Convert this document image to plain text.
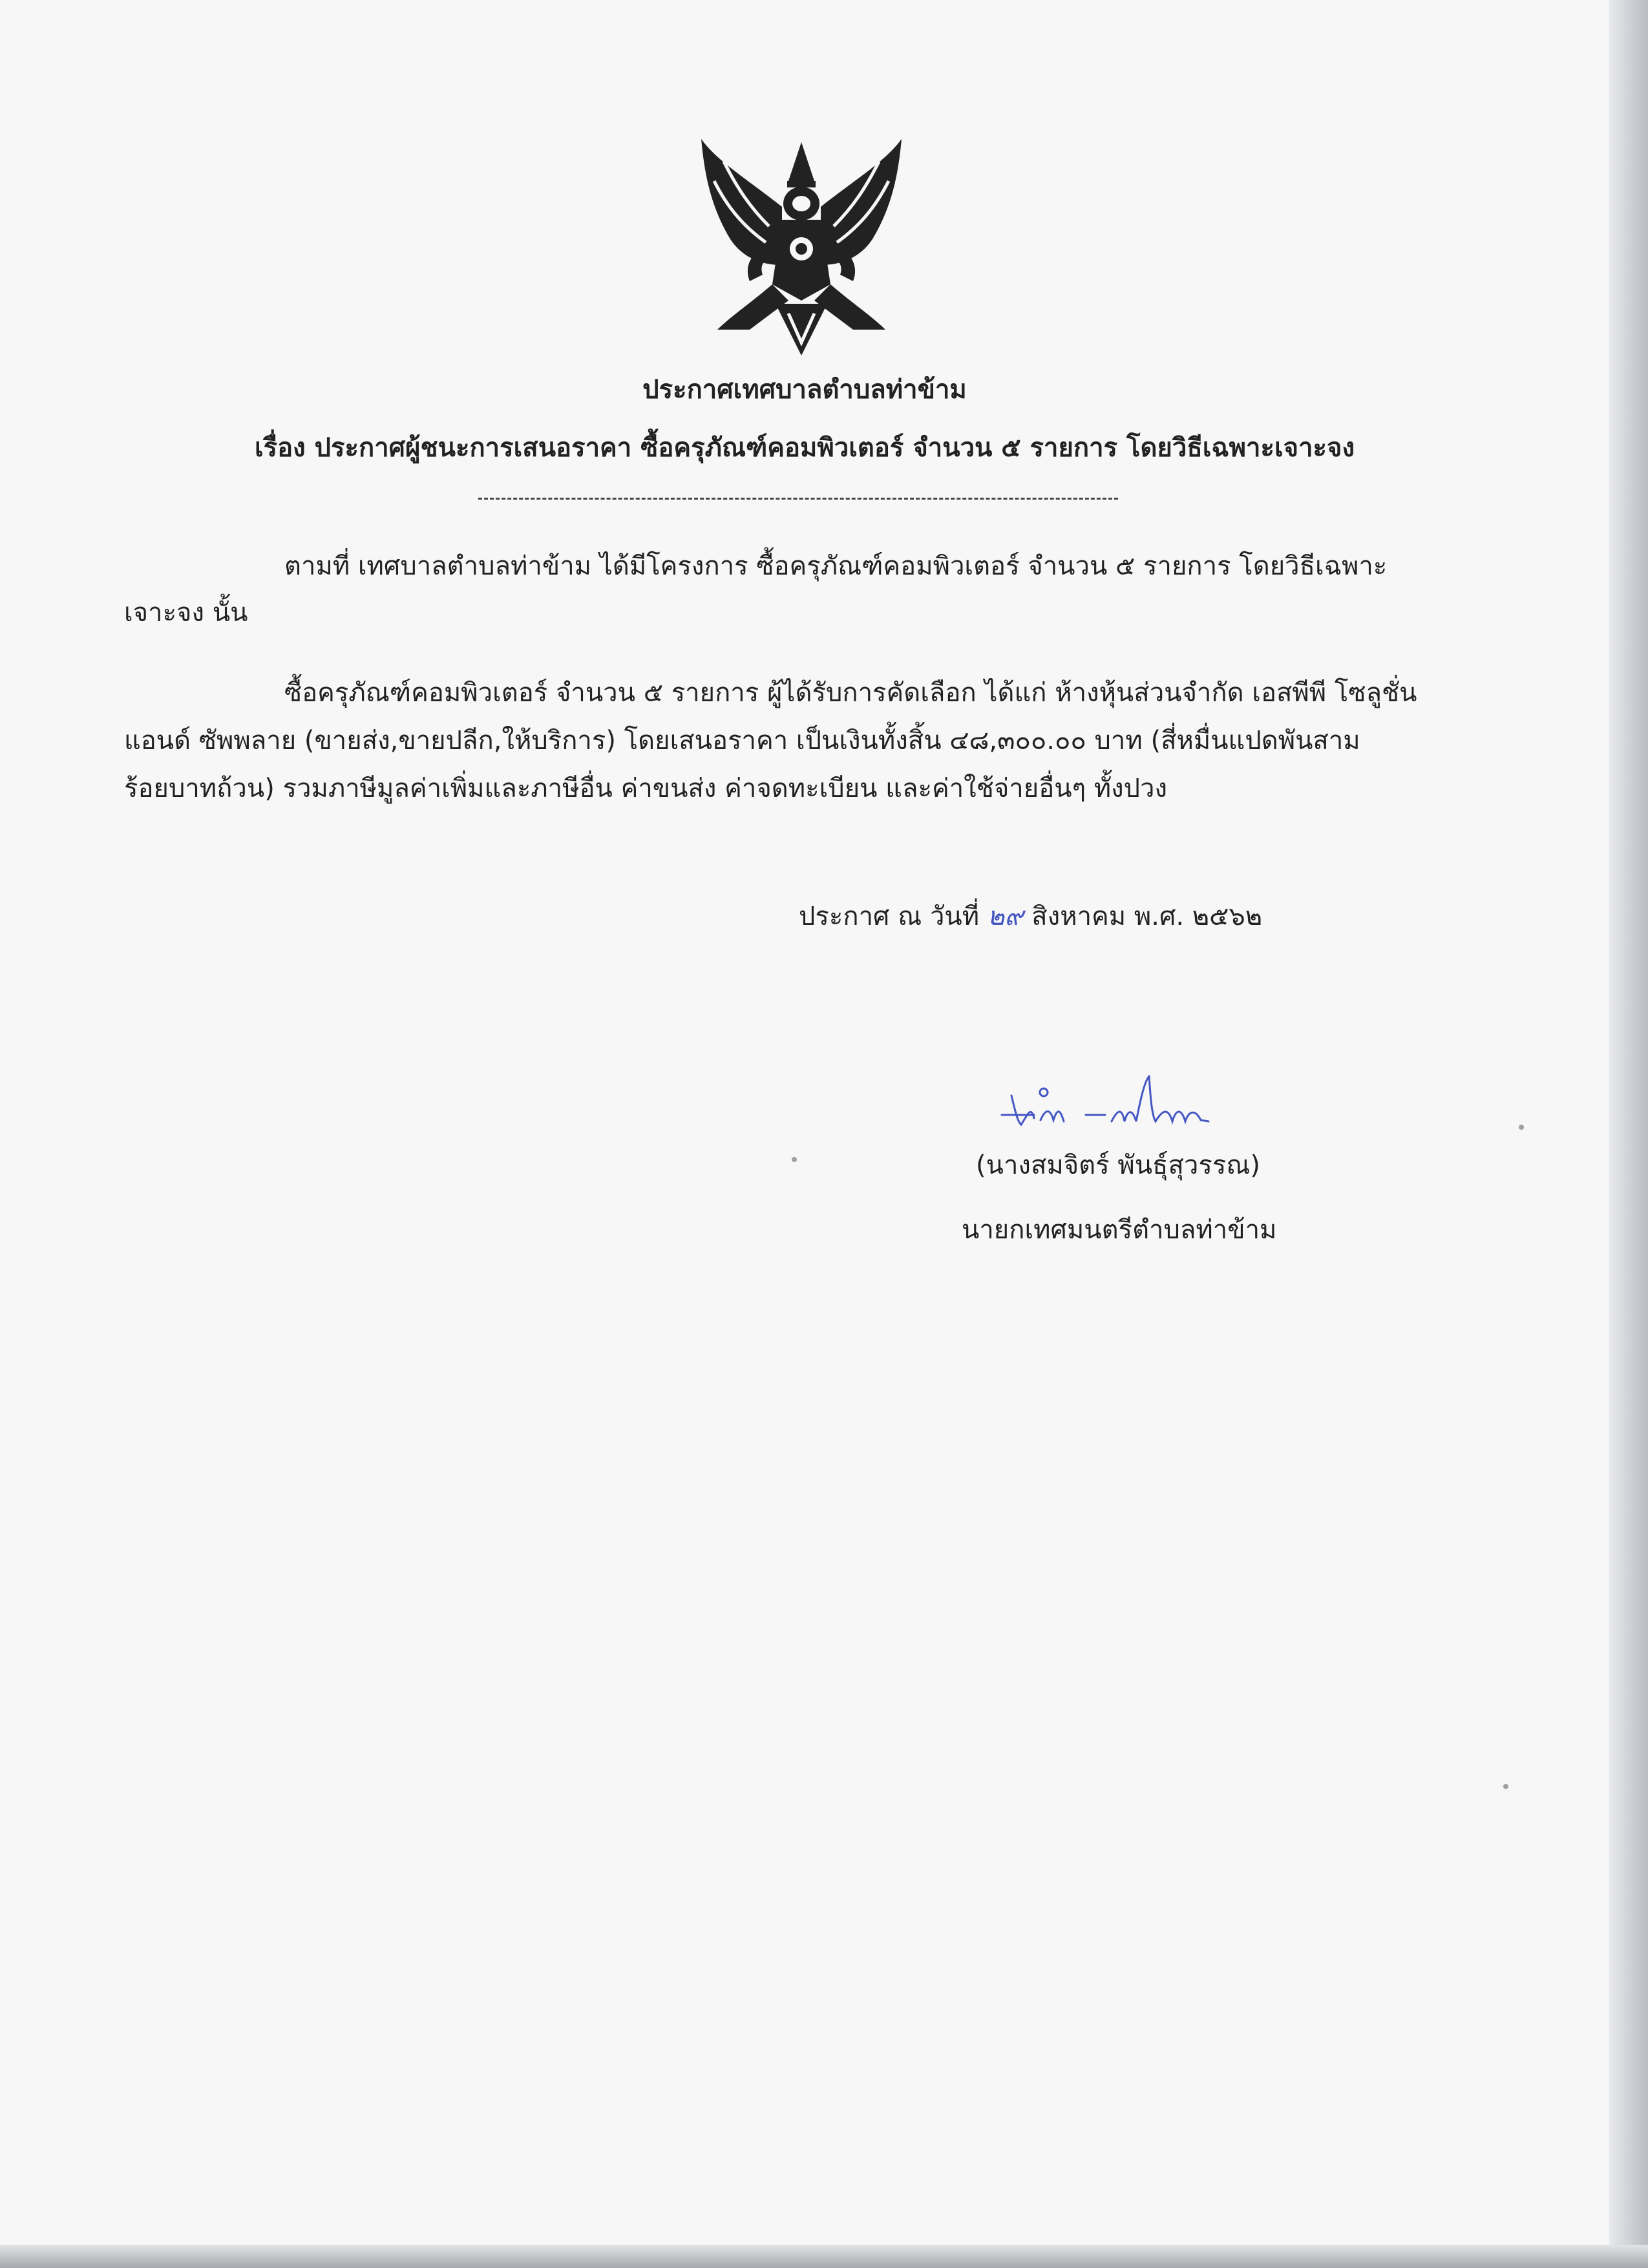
ประกาศเทศบาลตำบลท่าข้าม
เรื่อง ประกาศผู้ชนะการเสนอราคา ซื้อครุภัณฑ์คอมพิวเตอร์ จำนวน ๕ รายการ โดยวิธีเฉพาะเจาะจง
ตามที่ เทศบาลตำบลท่าข้าม ได้มีโครงการ ซื้อครุภัณฑ์คอมพิวเตอร์ จำนวน ๕ รายการ โดยวิธีเฉพาะ
เจาะจง นั้น
ซื้อครุภัณฑ์คอมพิวเตอร์ จำนวน ๕ รายการ ผู้ได้รับการคัดเลือก ได้แก่ ห้างหุ้นส่วนจำกัด เอสพีพี โซลูชั่น
แอนด์ ซัพพลาย (ขายส่ง,ขายปลีก,ให้บริการ) โดยเสนอราคา เป็นเงินทั้งสิ้น ๔๘,๓๐๐.๐๐ บาท (สี่หมื่นแปดพันสาม
ร้อยบาทถ้วน) รวมภาษีมูลค่าเพิ่มและภาษีอื่น ค่าขนส่ง ค่าจดทะเบียน และค่าใช้จ่ายอื่นๆ ทั้งปวง
ประกาศ ณ วันที่ ๒๙ สิงหาคม พ.ศ. ๒๕๖๒
(นางสมจิตร์ พันธุ์สุวรรณ)
นายกเทศมนตรีตำบลท่าข้าม
